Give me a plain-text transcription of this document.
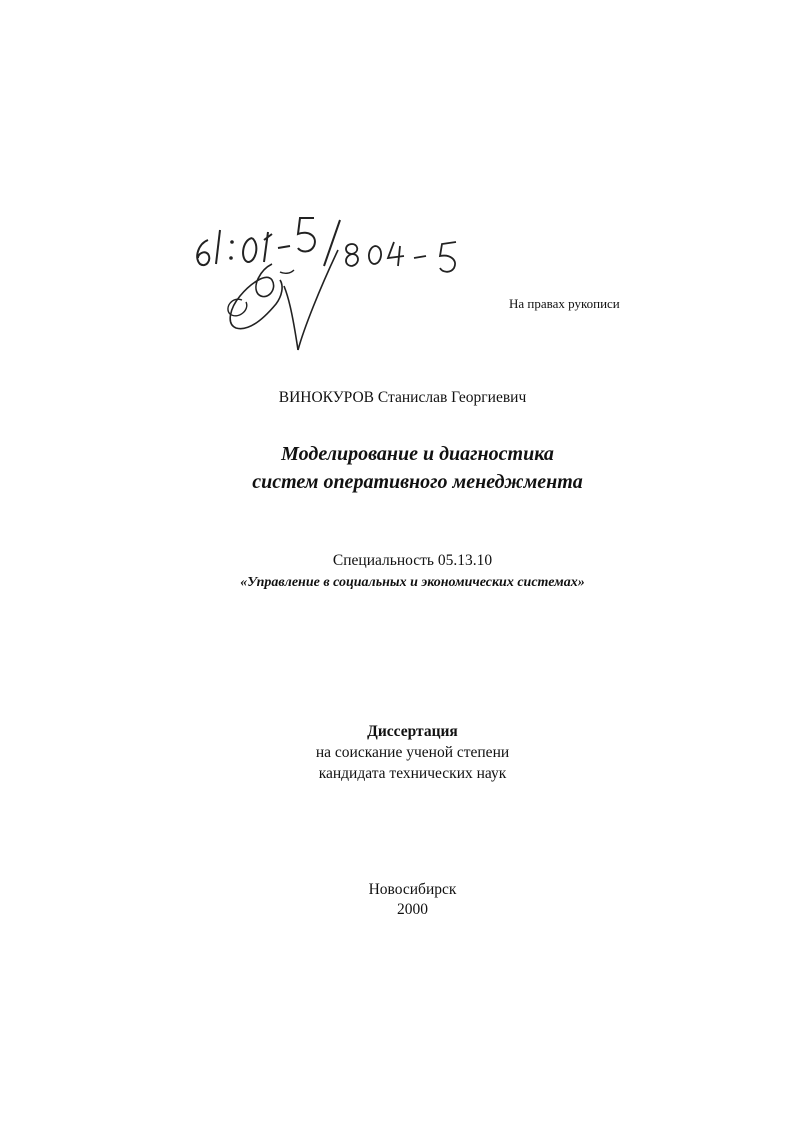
На правах рукописи
ВИНОКУРОВ Станислав Георгиевич
Моделирование и диагностика
систем оперативного менеджмента
Специальность 05.13.10
«Управление в социальных и экономических системах»
Диссертация
на соискание ученой степени
кандидата технических наук
Новосибирск
2000
